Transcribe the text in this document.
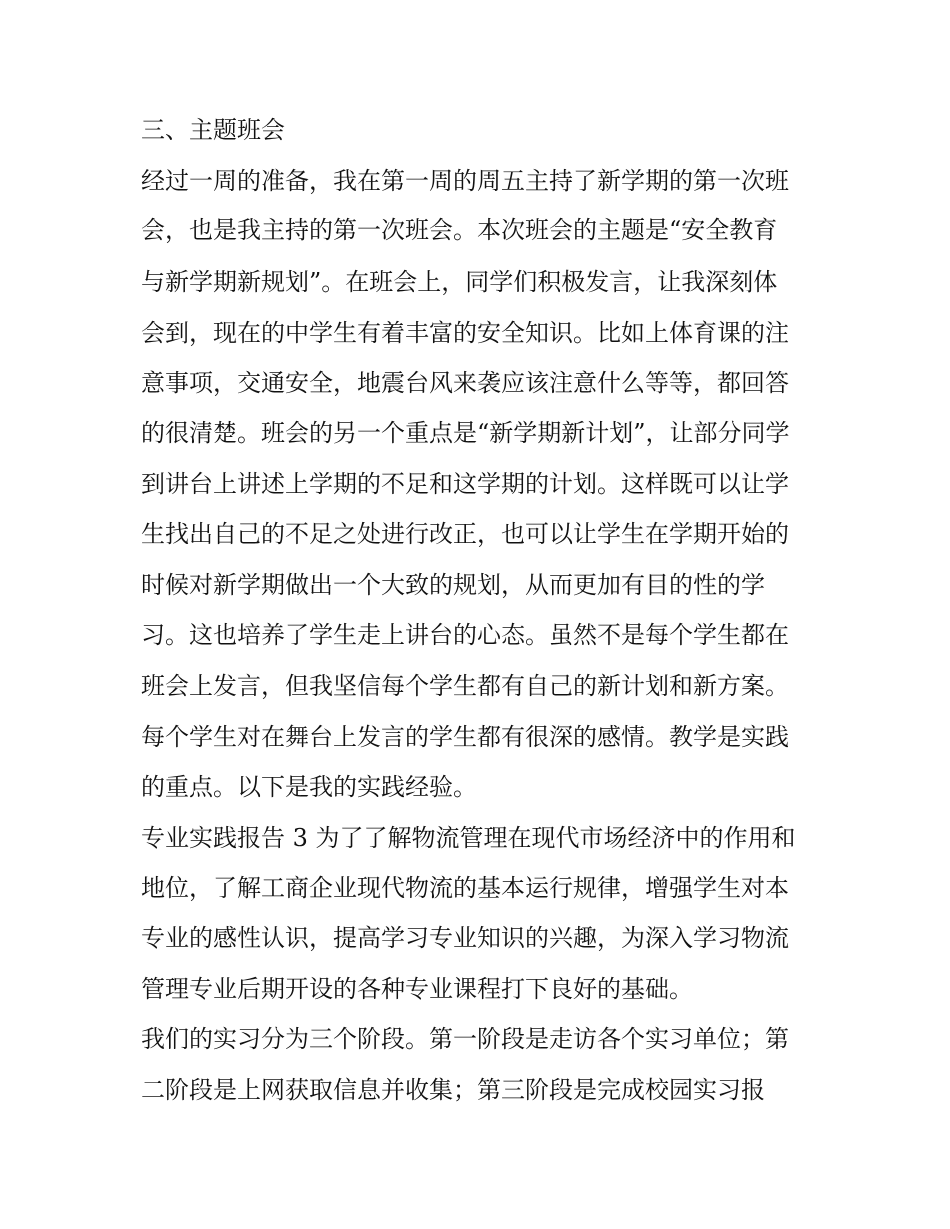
三、主题班会
经过一周的准备，我在第一周的周五主持了新学期的第一次班
会，也是我主持的第一次班会。本次班会的主题是“安全教育
与新学期新规划”。在班会上，同学们积极发言，让我深刻体
会到，现在的中学生有着丰富的安全知识。比如上体育课的注
意事项，交通安全，地震台风来袭应该注意什么等等，都回答
的很清楚。班会的另一个重点是“新学期新计划”，让部分同学
到讲台上讲述上学期的不足和这学期的计划。这样既可以让学
生找出自己的不足之处进行改正，也可以让学生在学期开始的
时候对新学期做出一个大致的规划，从而更加有目的性的学
习。这也培养了学生走上讲台的心态。虽然不是每个学生都在
班会上发言，但我坚信每个学生都有自己的新计划和新方案。
每个学生对在舞台上发言的学生都有很深的感情。教学是实践
的重点。以下是我的实践经验。
专业实践报告 3 为了了解物流管理在现代市场经济中的作用和
地位，了解工商企业现代物流的基本运行规律，增强学生对本
专业的感性认识，提高学习专业知识的兴趣，为深入学习物流
管理专业后期开设的各种专业课程打下良好的基础。
我们的实习分为三个阶段。第一阶段是走访各个实习单位；第
二阶段是上网获取信息并收集；第三阶段是完成校园实习报
